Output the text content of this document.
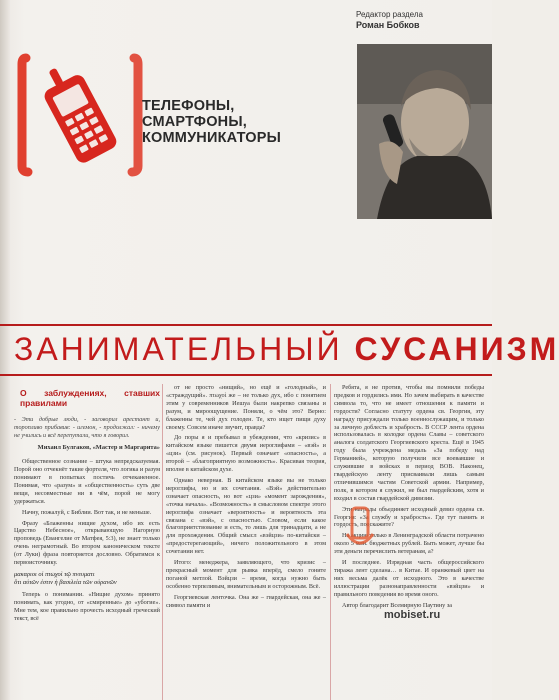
ТЕЛЕФОНЫ, СМАРТФОНЫ, КОММУНИКАТОРЫ
Редактор раздела
Роман Бобков
ЗАНИМАТЕЛЬНЫЙ СУСАНИЗМ
О заблуждениях, ставших правилами
- Эти добрые люди, - заговорил арестант и, торопливо прибавив: - игемон, - продолжал: - ничему не учились и всё перепутали, что я говорил.
Михаил Булгаков, «Мастер и Маргарита»

Общественное сознание – штука непредсказуемая. Порой оно отчекнёт такие фортеля, что логика и разум понимают в попытках постичь отчеканенное. Понимая, что «разум» и «общественность» суть две вещи, несовместные ни в чём, порой не могу удержаться.

Начну, пожалуй, с Библии. Вот так, и не меньше.

Фразу «Блаженны нищие духом, ибо их есть Царство Небесное», открывающую Нагорную проповедь (Евангелие от Матфея, 5:3), не знает только очень неграмотный. Во втором каноническом тексте (от Луки) фраза повторяется дословно. Обратимся к первоисточнику.

μακαριοι οἱ πτωχοὶ τῷ πνευματι
ὅτι αὐτῶν ἐστιν ἡ βασιλεία τῶν οὐρανῶν

Теперь о понимании. «Нищие духом» принято понимать, как угодно, от «смиренные» до «убогие». Мне тем, кое правильно прочесть исходный греческий текст, всё

от не просто «нищий», но ещё и «голодный», и «страждущий». πτωχοὶ же – не только дух, ибо с понятием этим у современников Иешуа были накрепко связаны и разум, и мироощущение. Поняли, о чём это? Верно: блаженны те, чей дух голоден. Те, кто ищет пищи духу своему. Совсем иначе звучит, правда?

До поры я и пребывал в убеждении, что «кризис» в китайском языке пишется двумя иероглифами – «вэй» и «цзи» (см. рисунок). Первый означает «опасность», а второй – «благоприятную возможность». Красивая теория, вполне в китайском духе.

Однако неверная. В китайском языке вы не только иероглифы, но и их сочетания. «Вэй» действительно означает опасность, но вот «цзи» «момент зарождения», «точка начала». «Возможность» в смысловом спектре этого иероглифа означает «вероятность» и вероятность эта связана с «вэй», с опасностью. Словом, если какое благоприятствование и есть, то лишь для тринадцати, а не для прохождения. Общий смысл «вэйцзи» по-китайски – «предостерегающий», ничего положительного в этом сочетании нет.

Итого: менеджера, заявляющего, что кризис – прекрасный момент для рывка вперёд, смело гоните поганой метлой. Вэйцзи – время, когда нужно быть особенно терпеливым, внимательным и осторожным. Всё.

Георгиевская ленточка. Она же – гвардейская, она же – символ памяти и

Ребята, я не против, чтобы вы помнили победы предков и гордились ими. Но зачем выбирать в качестве символа то, что не имеет отношения к памяти и гордости? Согласно статуту ордена св. Георгия, эту награду присуждали только военнослужащим, и только за личную доблесть и храбрость. В СССР лента ордена использовалась в колодке ордена Славы – советского аналога солдатского Георгиевского креста. Ещё в 1945 году была учреждена медаль «За победу над Германией», которую получили все воевавшие и служившие в войсках в период ВОВ. Наконец, гвардейскую ленту присваивали лишь самым отличившимся частям Советской армии. Например, полк, в котором я служил, не был гвардейским, хотя и входил в состав гвардейской дивизии.

Эти награды объединяет исходный девиз ордена св. Георгия: «За службу и храбрость». Где тут память и гордость, подскажите?

На акцию только в Ленинградской области потрачено около 5 млн. бюджетных рублей. Быть может, лучше бы эти деньги перечислить ветеранам, а?

И последнее. Изрядная часть общероссийского тиража лент сделана… в Китае. И оранжевый цвет на них весьма далёк от исходного. Это в качестве иллюстрации разнонаправленности «вэйцзи» и правильного поведения во время оного.

Автор благодарит Всемирную Паутину за

mobiset.ru
